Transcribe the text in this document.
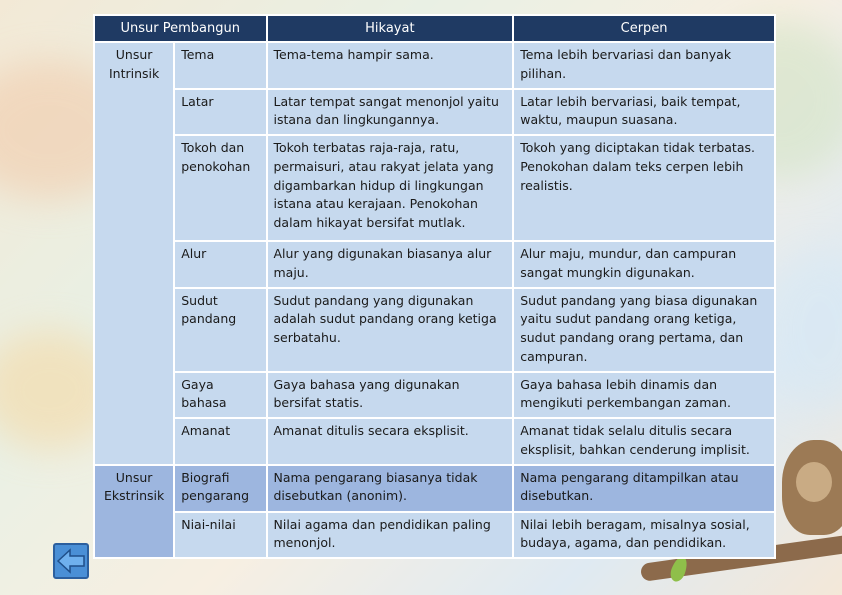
Unsur Pembangun		Hikayat	Cerpen
Unsur Intrinsik	Tema	Tema-tema hampir sama.	Tema lebih bervariasi dan banyak pilihan.
	Latar	Latar tempat sangat menonjol yaitu istana dan lingkungannya.	Latar lebih bervariasi, baik tempat, waktu, maupun suasana.
	Tokoh dan penokohan	Tokoh terbatas raja-raja, ratu, permaisuri, atau rakyat jelata yang digambarkan hidup di lingkungan istana atau kerajaan. Penokohan dalam hikayat bersifat mutlak.	Tokoh yang diciptakan tidak terbatas. Penokohan dalam teks cerpen lebih realistis.
	Alur	Alur yang digunakan biasanya alur maju.	Alur maju, mundur, dan campuran sangat mungkin digunakan.
	Sudut pandang	Sudut pandang yang digunakan adalah sudut pandang orang ketiga serbatahu.	Sudut pandang yang biasa digunakan yaitu sudut pandang orang ketiga, sudut pandang orang pertama, dan campuran.
	Gaya bahasa	Gaya bahasa yang digunakan bersifat statis.	Gaya bahasa lebih dinamis dan mengikuti perkembangan zaman.
	Amanat	Amanat ditulis secara eksplisit.	Amanat tidak selalu ditulis secara eksplisit, bahkan cenderung implisit.
Unsur Ekstrinsik	Biografi pengarang	Nama pengarang biasanya tidak disebutkan (anonim).	Nama pengarang ditampilkan atau disebutkan.
	Niai-nilai	Nilai agama dan pendidikan paling menonjol.	Nilai lebih beragam, misalnya sosial, budaya, agama, dan pendidikan.
